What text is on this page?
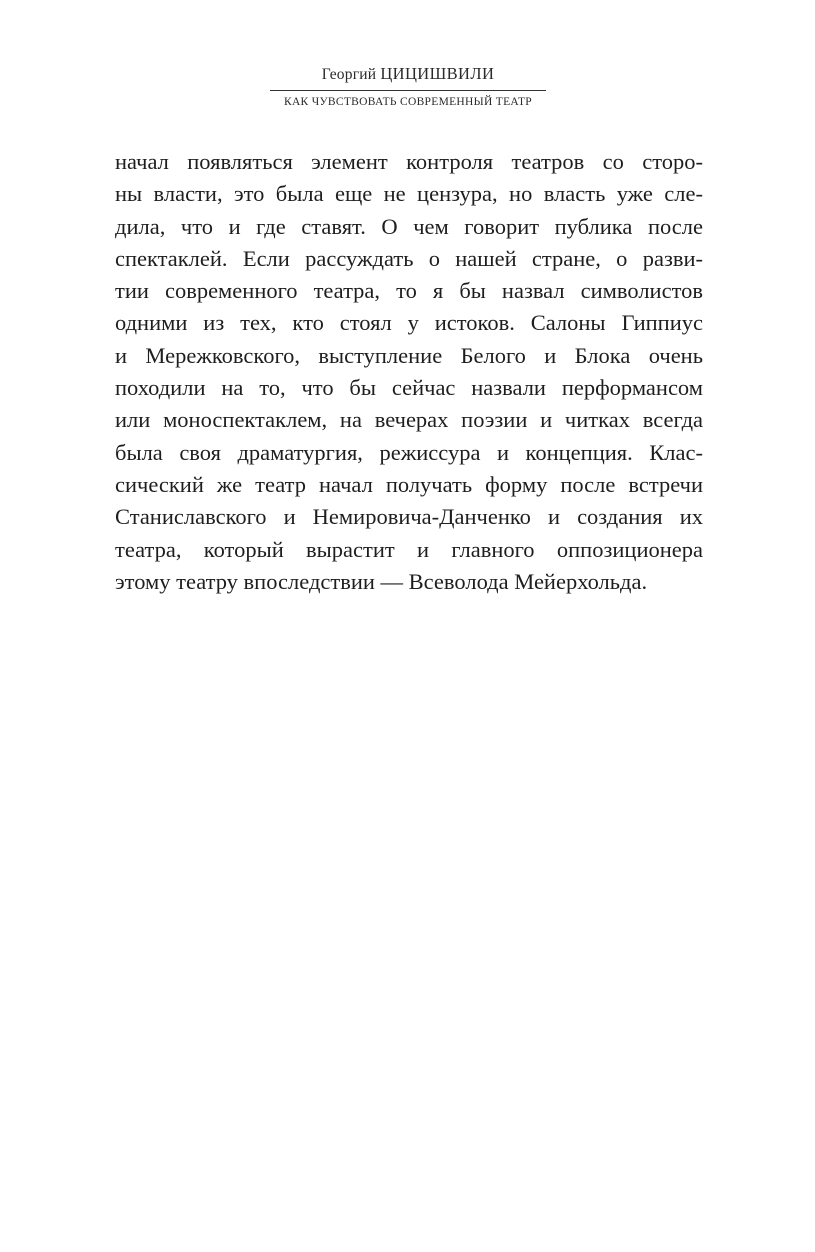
Георгий ЦИЦИШВИЛИ
КАК ЧУВСТВОВАТЬ СОВРЕМЕННЫЙ ТЕАТР
начал появляться элемент контроля театров со сторо-
ны власти, это была еще не цензура, но власть уже сле-
дила, что и где ставят. О чем говорит публика после
спектаклей. Если рассуждать о нашей стране, о разви-
тии современного театра, то я бы назвал символистов
одними из тех, кто стоял у истоков. Салоны Гиппиус
и Мережковского, выступление Белого и Блока очень
походили на то, что бы сейчас назвали перформансом
или моноспектаклем, на вечерах поэзии и читках всегда
была своя драматургия, режиссура и концепция. Клас-
сический же театр начал получать форму после встречи
Станиславского и Немировича-Данченко и создания их
театра, который вырастит и главного оппозиционера
этому театру впоследствии — Всеволода Мейерхольда.
